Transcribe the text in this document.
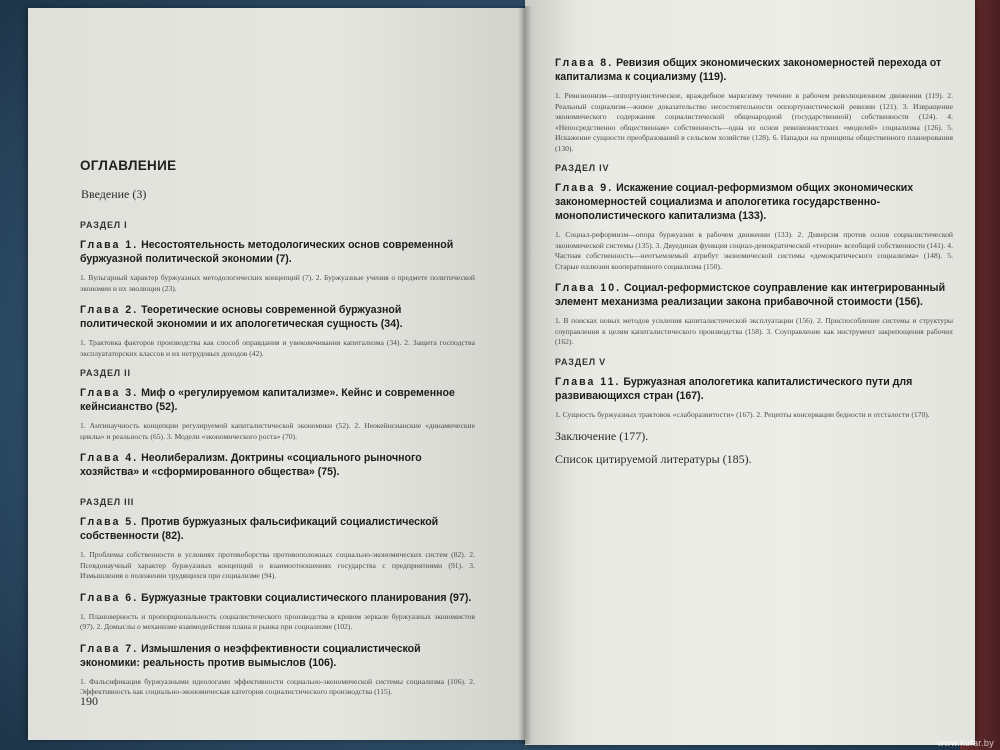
ОГЛАВЛЕНИЕ
Введение (3)
РАЗДЕЛ I
Глава 1. Несостоятельность методологических основ современной буржуазной политической экономии (7).
1. Вульгарный характер буржуазных методологических концепций (7). 2. Буржуазные учения о предмете политической экономии и их эволюция (23).
Глава 2. Теоретические основы современной буржуазной политической экономии и их апологетическая сущность (34).
1. Трактовка факторов производства как способ оправдания и увековечивания капитализма (34). 2. Защита господства эксплуататорских классов и их нетрудовых доходов (42).
РАЗДЕЛ II
Глава 3. Миф о «регулируемом капитализме». Кейнс и современное кейнсианство (52).
1. Антинаучность концепции регулируемой капиталистической экономики (52). 2. Неокейнсианские «динамические циклы» и реальность (65). 3. Модели «экономического роста» (70).
Глава 4. Неолиберализм. Доктрины «социального рыночного хозяйства» и «сформированного общества» (75).
РАЗДЕЛ III
Глава 5. Против буржуазных фальсификаций социалистической собственности (82).
1. Проблемы собственности в условиях противоборства противоположных социально-экономических систем (82). 2. Псевдонаучный характер буржуазных концепций о взаимоотношениях государства с предприятиями (91). 3. Измышления о положении трудящихся при социализме (94).
Глава 6. Буржуазные трактовки социалистического планирования (97).
1. Плановерность и пропорциональность социалистического производства в кривом зеркале буржуазных экономистов (97). 2. Домыслы о механизме взаимодействия плана и рынка при социализме (102).
Глава 7. Измышления о неэффективности социалистической экономики: реальность против вымыслов (106).
1. Фальсификация буржуазными идеологами эффективности социально-экономической системы социализма (106). 2. Эффективность как социально-экономическая категория социалистического производства (115).
190
Глава 8. Ревизия общих экономических закономерностей перехода от капитализма к социализму (119).
1. Ревизионизм—оппортунистическое, враждебное марксизму течение в рабочем революционном движении (119). 2. Реальный социализм—живое доказательство несостоятельности оппортунистической ревизии (121). 3. Извращение экономического содержания социалистической общенародной (государственной) собственности (124). 4. «Непосредственно общественная» собственность—одна из основ ревизионистских «моделей» социализма (126). 5. Искажение сущности преобразований в сельском хозяйстве (128). 6. Нападки на принципы общественного планирования (130).
РАЗДЕЛ IV
Глава 9. Искажение социал-реформизмом общих экономических закономерностей социализма и апологетика государственно-монополистического капитализма (133).
1. Социал-реформизм—опора буржуазии в рабочем движении (133). 2. Диверсия против основ социалистической экономической системы (135). 3. Двуединая функция социал-демократической «теории» всеобщей собственности (141). 4. Частная собственность—неотъемлемый атрибут экономической системы «демократического социализма» (148). 5. Старые иллюзии кооперативного социализма (150).
Глава 10. Социал-реформистское соуправление как интегрированный элемент механизма реализации закона прибавочной стоимости (156).
1. В поисках новых методов усиления капиталистической эксплуатации (156). 2. Приспособление системы и структуры соуправления к целям капиталистического производства (158). 3. Соуправление как инструмент закрепощения рабочих (162).
РАЗДЕЛ V
Глава 11. Буржуазная апологетика капиталистического пути для развивающихся стран (167).
1. Сущность буржуазных трактовок «слаборазвитости» (167). 2. Рецепты консервации бедности и отсталости (170).
Заключение (177).
Список цитируемой литературы (185).
www.kufar.by
